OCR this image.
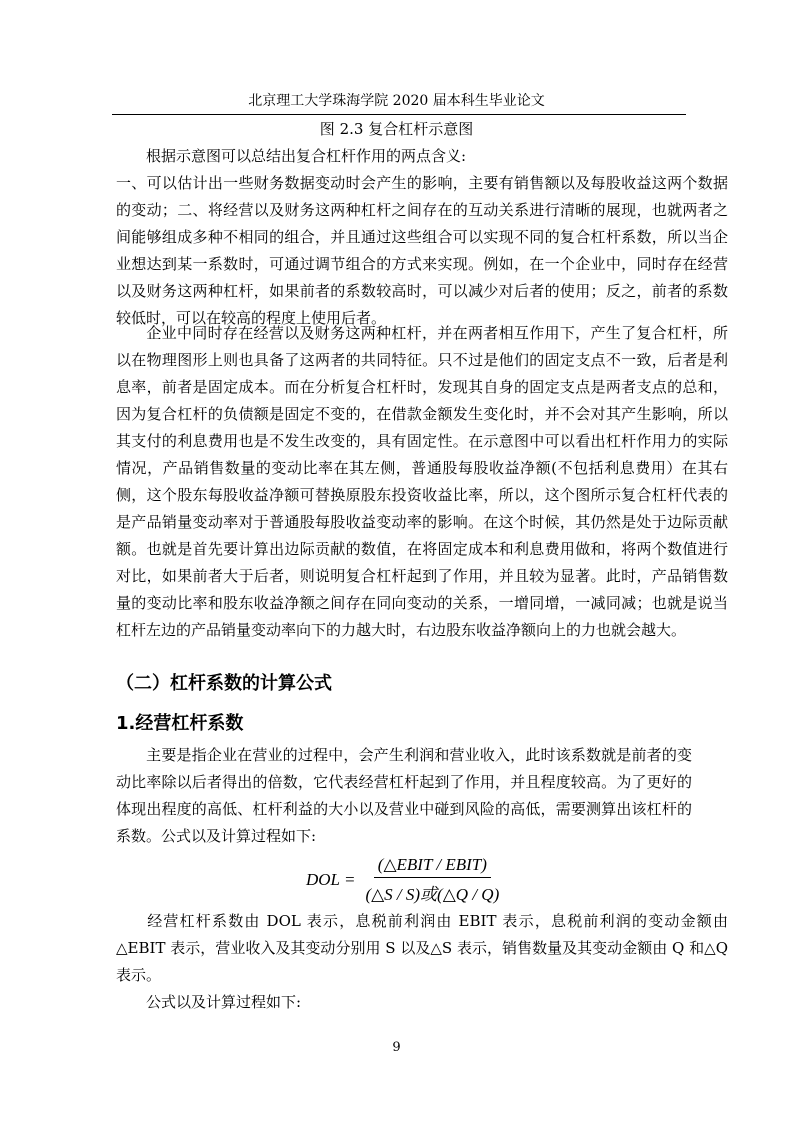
北京理工大学珠海学院 2020 届本科生毕业论文
图 2.3 复合杠杆示意图

根据示意图可以总结出复合杠杆作用的两点含义:

一、可以估计出一些财务数据变动时会产生的影响，主要有销售额以及每股收益这两个数据的变动；二、将经营以及财务这两种杠杆之间存在的互动关系进行清晰的展现，也就两者之间能够组成多种不相同的组合，并且通过这些组合可以实现不同的复合杠杆系数，所以当企业想达到某一系数时，可通过调节组合的方式来实现。例如，在一个企业中，同时存在经营以及财务这两种杠杆，如果前者的系数较高时，可以减少对后者的使用；反之，前者的系数较低时，可以在较高的程度上使用后者。

企业中同时存在经营以及财务这两种杠杆，并在两者相互作用下，产生了复合杠杆，所以在物理图形上则也具备了这两者的共同特征。只不过是他们的固定支点不一致，后者是利息率，前者是固定成本。而在分析复合杠杆时，发现其自身的固定支点是两者支点的总和，因为复合杠杆的负债额是固定不变的，在借款金额发生变化时，并不会对其产生影响，所以其支付的利息费用也是不发生改变的，具有固定性。在示意图中可以看出杠杆作用力的实际情况，产品销售数量的变动比率在其左侧，普通股每股收益净额(不包括利息费用）在其右侧，这个股东每股收益净额可替换原股东投资收益比率，所以，这个图所示复合杠杆代表的是产品销量变动率对于普通股每股收益变动率的影响。在这个时候，其仍然是处于边际贡献额。也就是首先要计算出边际贡献的数值，在将固定成本和利息费用做和，将两个数值进行对比，如果前者大于后者，则说明复合杠杆起到了作用，并且较为显著。此时，产品销售数量的变动比率和股东收益净额之间存在同向变动的关系，一增同增，一减同减；也就是说当杠杆左边的产品销量变动率向下的力越大时，右边股东收益净额向上的力也就会越大。

（二）杠杆系数的计算公式
1.经营杠杆系数

主要是指企业在营业的过程中，会产生利润和营业收入，此时该系数就是前者的变动比率除以后者得出的倍数，它代表经营杠杆起到了作用，并且程度较高。为了更好的体现出程度的高低、杠杆利益的大小以及营业中碰到风险的高低，需要测算出该杠杆的系数。公式以及计算过程如下:

DOL = $\frac{\text{(△EBIT / EBIT)}}{\text{(△S / S)或(△Q / Q)}}$

经营杠杆系数由 DOL 表示，息税前利润由 EBIT 表示，息税前利润的变动金额由△EBIT 表示，营业收入及其变动分别用 S 以及△S 表示，销售数量及其变动金额由 Q 和△Q 表示。

公式以及计算过程如下:

9
